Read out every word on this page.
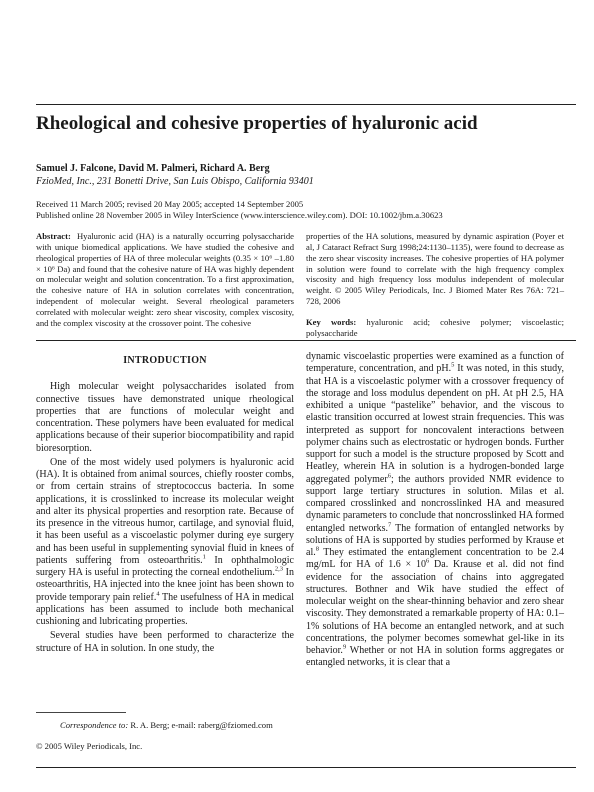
Rheological and cohesive properties of hyaluronic acid
Samuel J. Falcone, David M. Palmeri, Richard A. Berg
FzioMed, Inc., 231 Bonetti Drive, San Luis Obispo, California 93401
Received 11 March 2005; revised 20 May 2005; accepted 14 September 2005
Published online 28 November 2005 in Wiley InterScience (www.interscience.wiley.com). DOI: 10.1002/jbm.a.30623

Abstract: Hyaluronic acid (HA) is a naturally occurring polysaccharide with unique biomedical applications. We have studied the cohesive and rheological properties of HA of three molecular weights (0.35 × 10⁶ –1.80 × 10⁶ Da) and found that the cohesive nature of HA was highly dependent on molecular weight and solution concentration. To a first approximation, the cohesive nature of HA in solution correlates with concentration, independent of molecular weight. Several rheological parameters correlated with molecular weight: zero shear viscosity, complex viscosity, and the complex viscosity at the crossover point. The cohesive

properties of the HA solutions, measured by dynamic aspiration (Poyer et al, J Cataract Refract Surg 1998;24:1130–1135), were found to decrease as the zero shear viscosity increases. The cohesive properties of HA polymer in solution were found to correlate with the high frequency complex viscosity and high frequency loss modulus independent of molecular weight. © 2005 Wiley Periodicals, Inc. J Biomed Mater Res 76A: 721–728, 2006

Key words: hyaluronic acid; cohesive polymer; viscoelastic; polysaccharide

INTRODUCTION

High molecular weight polysaccharides isolated from connective tissues have demonstrated unique rheological properties that are functions of molecular weight and concentration. These polymers have been evaluated for medical applications because of their superior biocompatibility and rapid bioresorption.

One of the most widely used polymers is hyaluronic acid (HA). It is obtained from animal sources, chiefly rooster combs, or from certain strains of streptococcus bacteria. In some applications, it is crosslinked to increase its molecular weight and alter its physical properties and resorption rate. Because of its presence in the vitreous humor, cartilage, and synovial fluid, it has been useful as a viscoelastic polymer during eye surgery and has been useful in supplementing synovial fluid in knees of patients suffering from osteoarthritis.$^1$ In ophthalmologic surgery HA is useful in protecting the corneal endothelium.$^{2,3}$ In osteoarthritis, HA injected into the knee joint has been shown to provide temporary pain relief.$^4$ The usefulness of HA in medical applications has been assumed to include both mechanical cushioning and lubricating properties.

Several studies have been performed to characterize the structure of HA in solution. In one study, the

dynamic viscoelastic properties were examined as a function of temperature, concentration, and pH.$^5$ It was noted, in this study, that HA is a viscoelastic polymer with a crossover frequency of the storage and loss modulus dependent on pH. At pH 2.5, HA exhibited a unique “pastelike” behavior, and the viscous to elastic transition occurred at lowest strain frequencies. This was interpreted as support for noncovalent interactions between polymer chains such as electrostatic or hydrogen bonds. Further support for such a model is the structure proposed by Scott and Heatley, wherein HA in solution is a hydrogen-bonded large aggregated polymer$^6$; the authors provided NMR evidence to support large tertiary structures in solution. Milas et al. compared crosslinked and noncrosslinked HA and measured dynamic parameters to conclude that noncrosslinked HA formed entangled networks.$^7$ The formation of entangled networks by solutions of HA is supported by studies performed by Krause et al.$^8$ They estimated the entanglement concentration to be 2.4 mg/mL for HA of $1.6 \times 10^6$ Da. Krause et al. did not find evidence for the association of chains into aggregated structures. Bothner and Wik have studied the effect of molecular weight on the shear-thinning behavior and zero shear viscosity. They demonstrated a remarkable property of HA: 0.1–1% solutions of HA become an entangled network, and at such concentrations, the polymer becomes somewhat gel-like in its behavior.$^9$ Whether or not HA in solution forms aggregates or entangled networks, it is clear that a

Correspondence to: R. A. Berg; e-mail: raberg@fziomed.com
© 2005 Wiley Periodicals, Inc.
